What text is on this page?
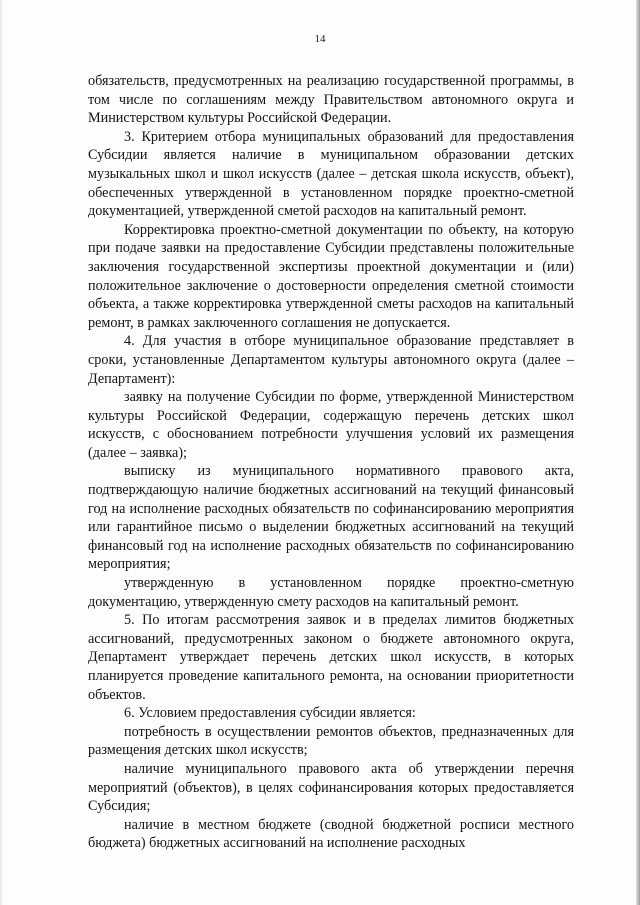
14

обязательств, предусмотренных на реализацию государственной программы, в том числе по соглашениям между Правительством автономного округа и Министерством культуры Российской Федерации.

3. Критерием отбора муниципальных образований для предоставления Субсидии является наличие в муниципальном образовании детских музыкальных школ и школ искусств (далее – детская школа искусств, объект), обеспеченных утвержденной в установленном порядке проектно-сметной документацией, утвержденной сметой расходов на капитальный ремонт.

Корректировка проектно-сметной документации по объекту, на которую при подаче заявки на предоставление Субсидии представлены положительные заключения государственной экспертизы проектной документации и (или) положительное заключение о достоверности определения сметной стоимости объекта, а также корректировка утвержденной сметы расходов на капитальный ремонт, в рамках заключенного соглашения не допускается.

4. Для участия в отборе муниципальное образование представляет в сроки, установленные Департаментом культуры автономного округа (далее – Департамент):

заявку на получение Субсидии по форме, утвержденной Министерством культуры Российской Федерации, содержащую перечень детских школ искусств, с обоснованием потребности улучшения условий их размещения (далее – заявка);

выписку из муниципального нормативного правового акта, подтверждающую наличие бюджетных ассигнований на текущий финансовый год на исполнение расходных обязательств по софинансированию мероприятия или гарантийное письмо о выделении бюджетных ассигнований на текущий финансовый год на исполнение расходных обязательств по софинансированию мероприятия;

утвержденную в установленном порядке проектно-сметную документацию, утвержденную смету расходов на капитальный ремонт.

5. По итогам рассмотрения заявок и в пределах лимитов бюджетных ассигнований, предусмотренных законом о бюджете автономного округа, Департамент утверждает перечень детских школ искусств, в которых планируется проведение капитального ремонта, на основании приоритетности объектов.

6. Условием предоставления субсидии является:

потребность в осуществлении ремонтов объектов, предназначенных для размещения детских школ искусств;

наличие муниципального правового акта об утверждении перечня мероприятий (объектов), в целях софинансирования которых предоставляется Субсидия;

наличие в местном бюджете (сводной бюджетной росписи местного бюджета) бюджетных ассигнований на исполнение расходных
